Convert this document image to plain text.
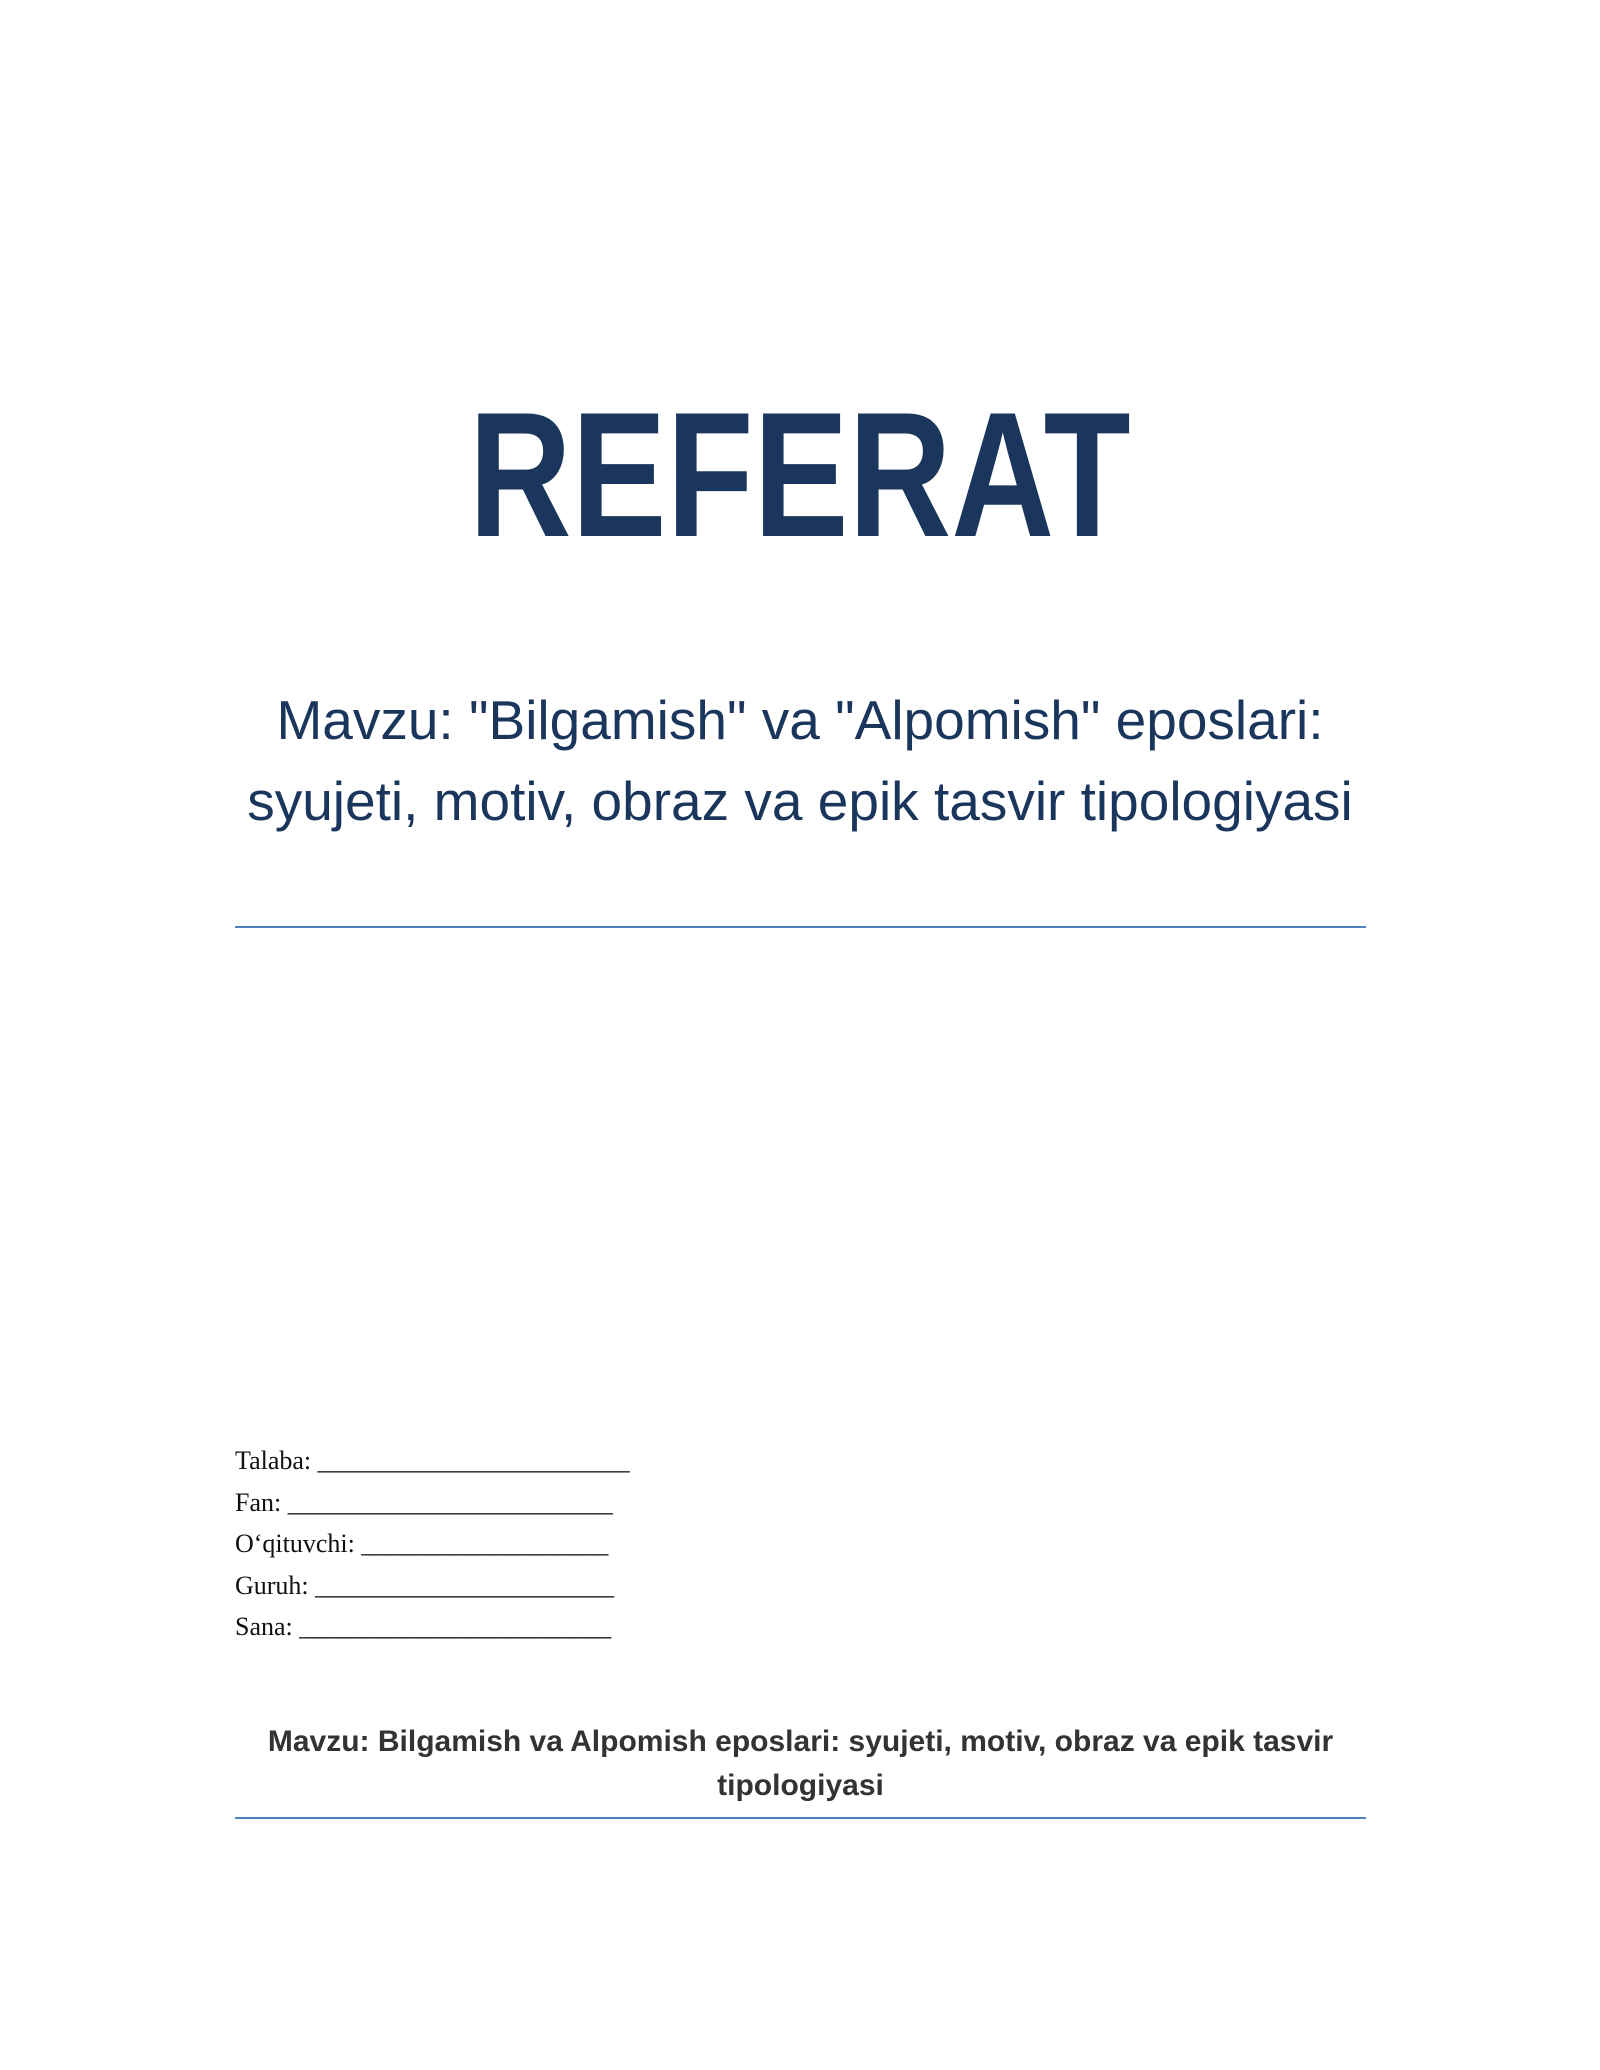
REFERAT
Mavzu: "Bilgamish" va "Alpomish" eposlari: syujeti, motiv, obraz va epik tasvir tipologiyasi
Talaba: ________________________
Fan: _________________________
O‘qituvchi: ___________________
Guruh: _______________________
Sana: ________________________
Mavzu: Bilgamish va Alpomish eposlari: syujeti, motiv, obraz va epik tasvir tipologiyasi
